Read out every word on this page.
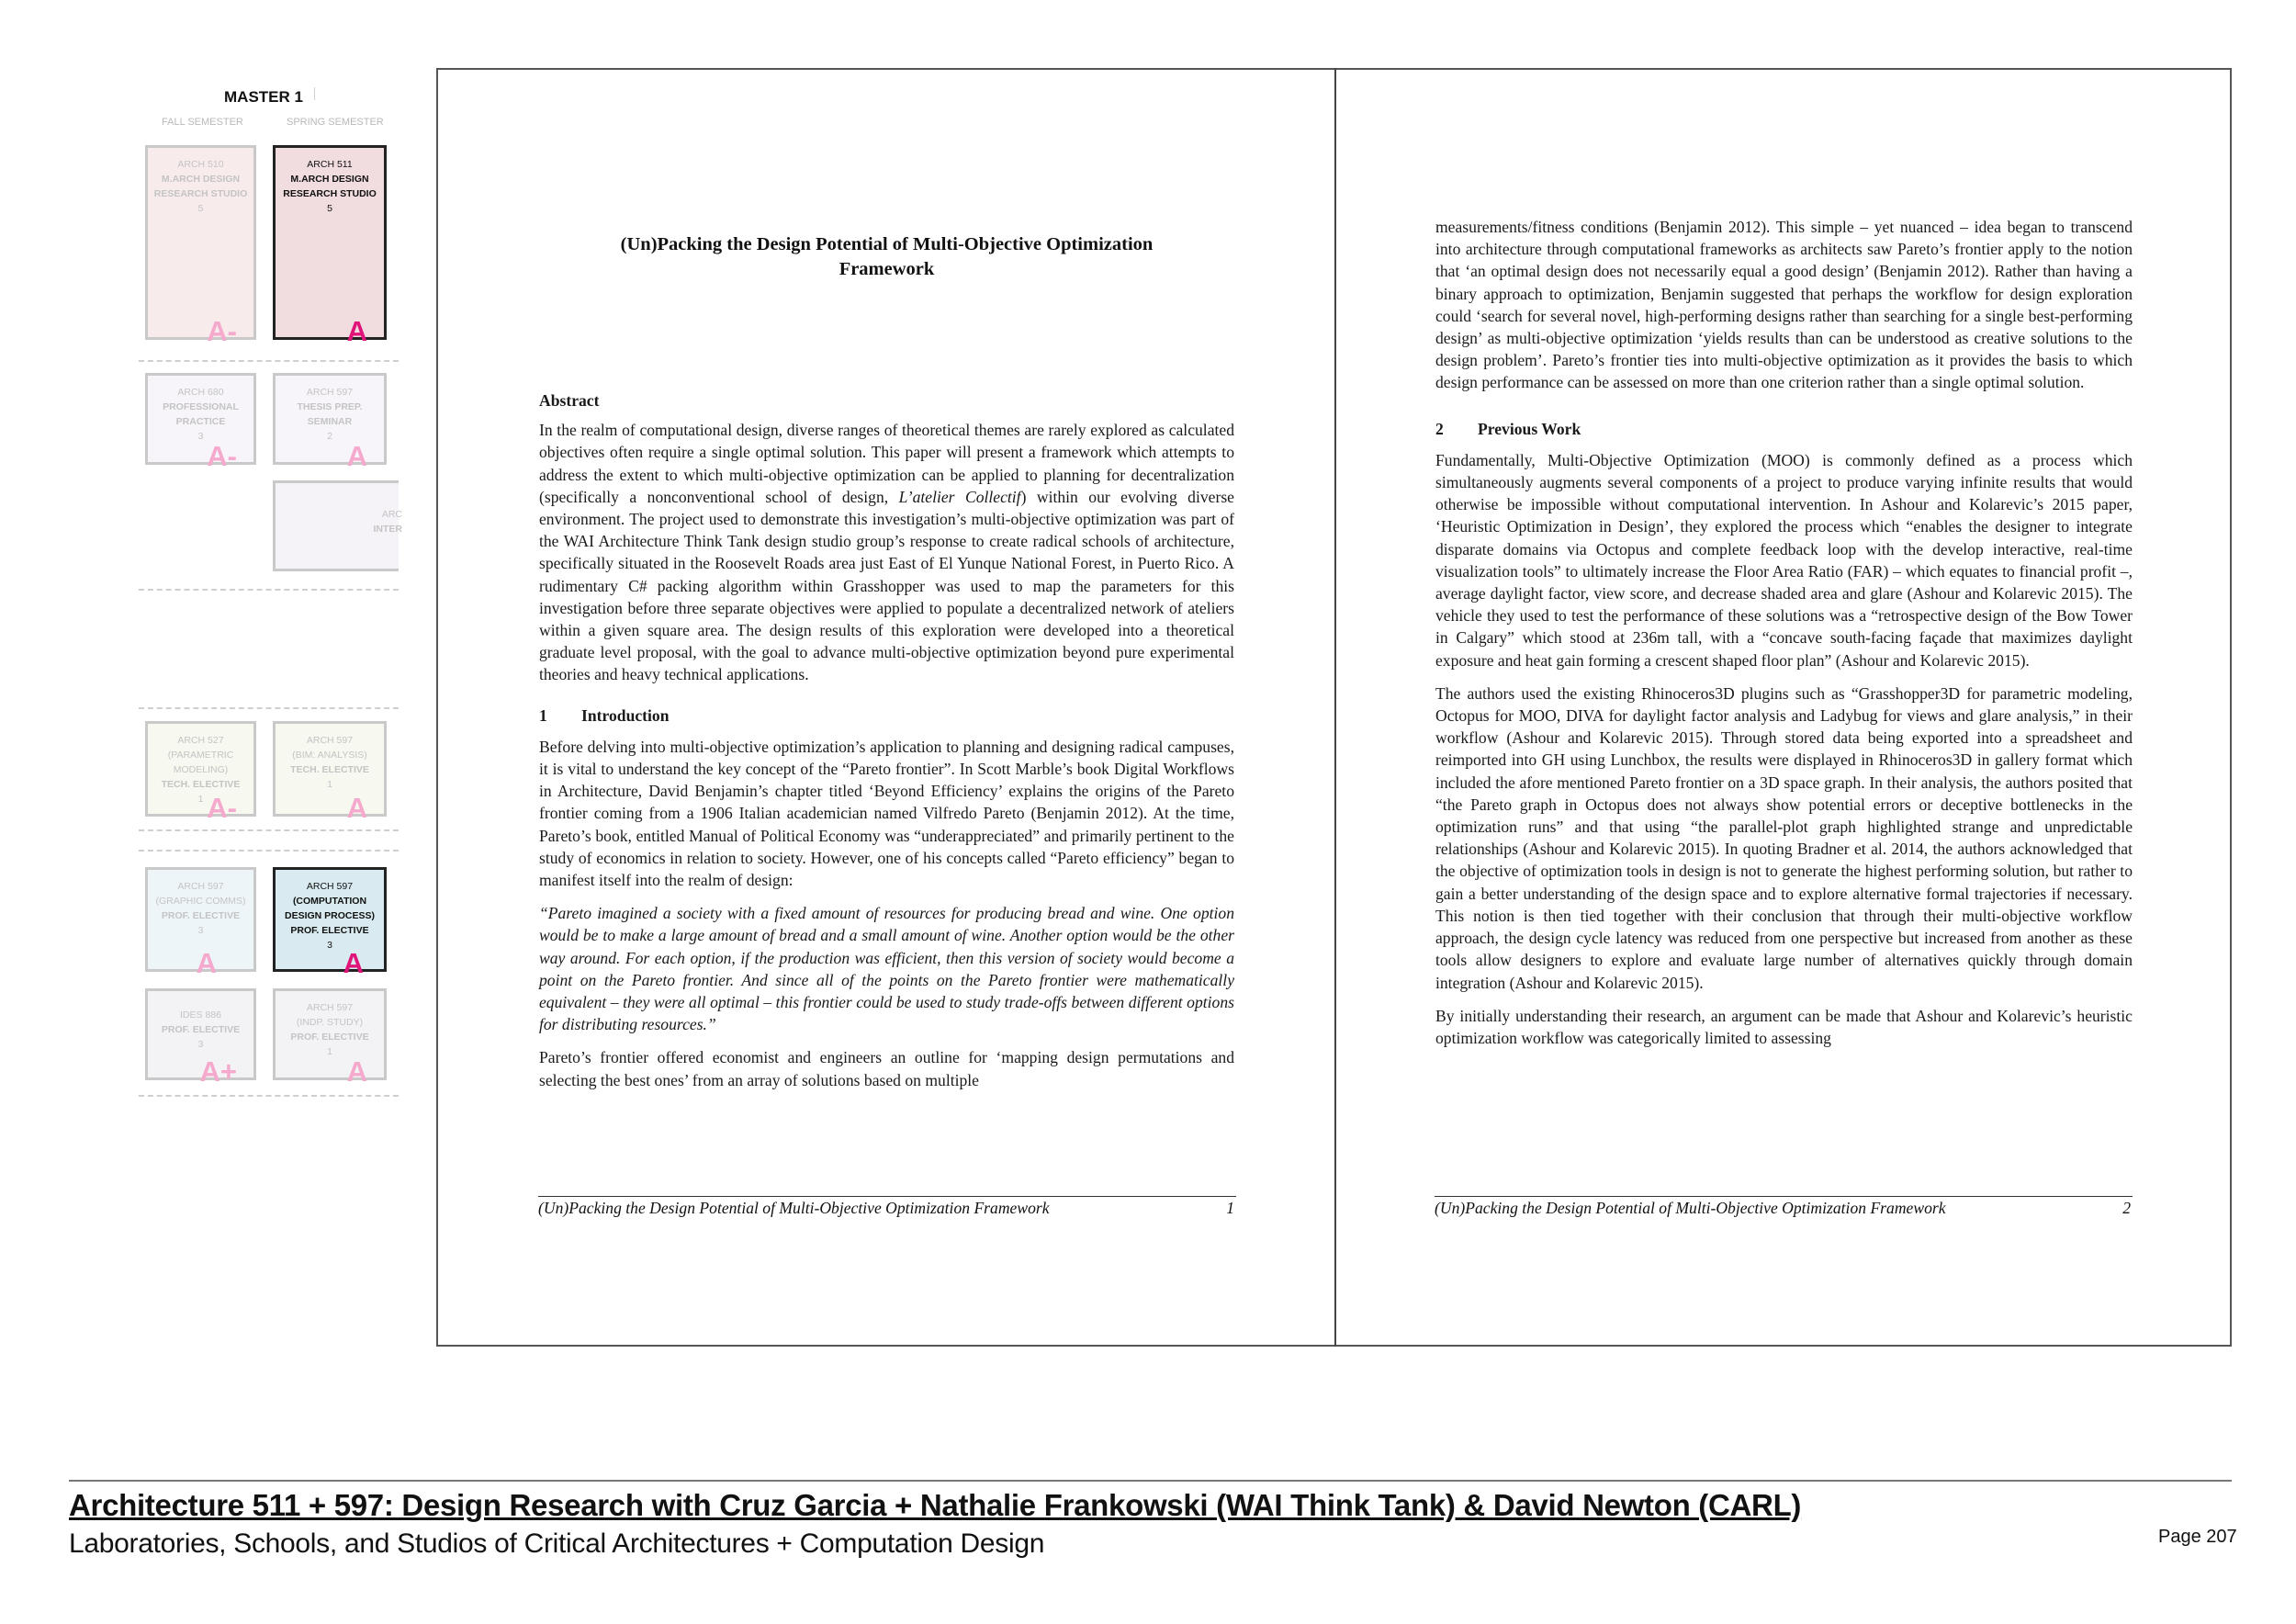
MASTER 1
FALL SEMESTER	SPRING SEMESTER
ARCH 510
M.ARCH DESIGN
RESEARCH STUDIO
5
A-
ARCH 511
M.ARCH DESIGN
RESEARCH STUDIO
5
A
ARCH 680
PROFESSIONAL
PRACTICE
3
A-
ARCH 597
THESIS PREP.
SEMINAR
2
A
ARC
INTER
ARCH 527
(PARAMETRIC
MODELING)
TECH. ELECTIVE
1 A-
ARCH 597
(BIM: ANALYSIS)
TECH. ELECTIVE
1
A
ARCH 597
(GRAPHIC COMMS)
PROF. ELECTIVE
3
A
ARCH 597
(COMPUTATION
DESIGN PROCESS)
PROF. ELECTIVE
3
A
IDES 886
PROF. ELECTIVE
3
A+
ARCH 597
(INDP. STUDY)
PROF. ELECTIVE
1
A
(Un)Packing the Design Potential of Multi-Objective Optimization
Framework

Abstract

In the realm of computational design, diverse ranges of theoretical themes are rarely explored as calculated objectives often require a single optimal solution. This paper will present a framework which attempts to address the extent to which multi-objective optimization can be applied to planning for decentralization (specifically a nonconventional school of design, L’atelier Collectif) within our evolving diverse environment. The project used to demonstrate this investigation’s multi-objective optimization was part of the WAI Architecture Think Tank design studio group’s response to create radical schools of architecture, specifically situated in the Roosevelt Roads area just East of El Yunque National Forest, in Puerto Rico. A rudimentary C# packing algorithm within Grasshopper was used to map the parameters for this investigation before three separate objectives were applied to populate a decentralized network of ateliers within a given square area. The design results of this exploration were developed into a theoretical graduate level proposal, with the goal to advance multi-objective optimization beyond pure experimental theories and heavy technical applications.

1 Introduction

Before delving into multi-objective optimization’s application to planning and designing radical campuses, it is vital to understand the key concept of the “Pareto frontier”. In Scott Marble’s book Digital Workflows in Architecture, David Benjamin’s chapter titled ‘Beyond Efficiency’ explains the origins of the Pareto frontier coming from a 1906 Italian academician named Vilfredo Pareto (Benjamin 2012). At the time, Pareto’s book, entitled Manual of Political Economy was “underappreciated” and primarily pertinent to the study of economics in relation to society. However, one of his concepts called “Pareto efficiency” began to manifest itself into the realm of design:

“Pareto imagined a society with a fixed amount of resources for producing bread and wine. One option would be to make a large amount of bread and a small amount of wine. Another option would be the other way around. For each option, if the production was efficient, then this version of society would become a point on the Pareto frontier. And since all of the points on the Pareto frontier were mathematically equivalent – they were all optimal – this frontier could be used to study trade-offs between different options for distributing resources.”

Pareto’s frontier offered economist and engineers an outline for ‘mapping design permutations and selecting the best ones’ from an array of solutions based on multiple

measurements/fitness conditions (Benjamin 2012). This simple – yet nuanced – idea began to transcend into architecture through computational frameworks as architects saw Pareto’s frontier apply to the notion that ‘an optimal design does not necessarily equal a good design’ (Benjamin 2012). Rather than having a binary approach to optimization, Benjamin suggested that perhaps the workflow for design exploration could ‘search for several novel, high-performing designs rather than searching for a single best-performing design’ as multi-objective optimization ‘yields results than can be understood as creative solutions to the design problem’. Pareto’s frontier ties into multi-objective optimization as it provides the basis to which design performance can be assessed on more than one criterion rather than a single optimal solution.

2 Previous Work

Fundamentally, Multi-Objective Optimization (MOO) is commonly defined as a process which simultaneously augments several components of a project to produce varying infinite results that would otherwise be impossible without computational intervention. In Ashour and Kolarevic’s 2015 paper, ‘Heuristic Optimization in Design’, they explored the process which “enables the designer to integrate disparate domains via Octopus and complete feedback loop with the develop interactive, real-time visualization tools” to ultimately increase the Floor Area Ratio (FAR) – which equates to financial profit –, average daylight factor, view score, and decrease shaded area and glare (Ashour and Kolarevic 2015). The vehicle they used to test the performance of these solutions was a “retrospective design of the Bow Tower in Calgary” which stood at 236m tall, with a “concave south-facing façade that maximizes daylight exposure and heat gain forming a crescent shaped floor plan” (Ashour and Kolarevic 2015).

The authors used the existing Rhinoceros3D plugins such as “Grasshopper3D for parametric modeling, Octopus for MOO, DIVA for daylight factor analysis and Ladybug for views and glare analysis,” in their workflow (Ashour and Kolarevic 2015). Through stored data being exported into a spreadsheet and reimported into GH using Lunchbox, the results were displayed in Rhinoceros3D in gallery format which included the afore mentioned Pareto frontier on a 3D space graph. In their analysis, the authors posited that “the Pareto graph in Octopus does not always show potential errors or deceptive bottlenecks in the optimization runs” and that using “the parallel-plot graph highlighted strange and unpredictable relationships (Ashour and Kolarevic 2015). In quoting Bradner et al. 2014, the authors acknowledged that the objective of optimization tools in design is not to generate the highest performing solution, but rather to gain a better understanding of the design space and to explore alternative formal trajectories if necessary. This notion is then tied together with their conclusion that through their multi-objective workflow approach, the design cycle latency was reduced from one perspective but increased from another as these tools allow designers to explore and evaluate large number of alternatives quickly through domain integration (Ashour and Kolarevic 2015).

By initially understanding their research, an argument can be made that Ashour and Kolarevic’s heuristic optimization workflow was categorically limited to assessing

(Un)Packing the Design Potential of Multi-Objective Optimization Framework	1	(Un)Packing the Design Potential of Multi-Objective Optimization Framework	2
Architecture 511 + 597: Design Research with Cruz Garcia + Nathalie Frankowski (WAI Think Tank) & David Newton (CARL)
Laboratories, Schools, and Studios of Critical Architectures + Computation Design	Page 207
